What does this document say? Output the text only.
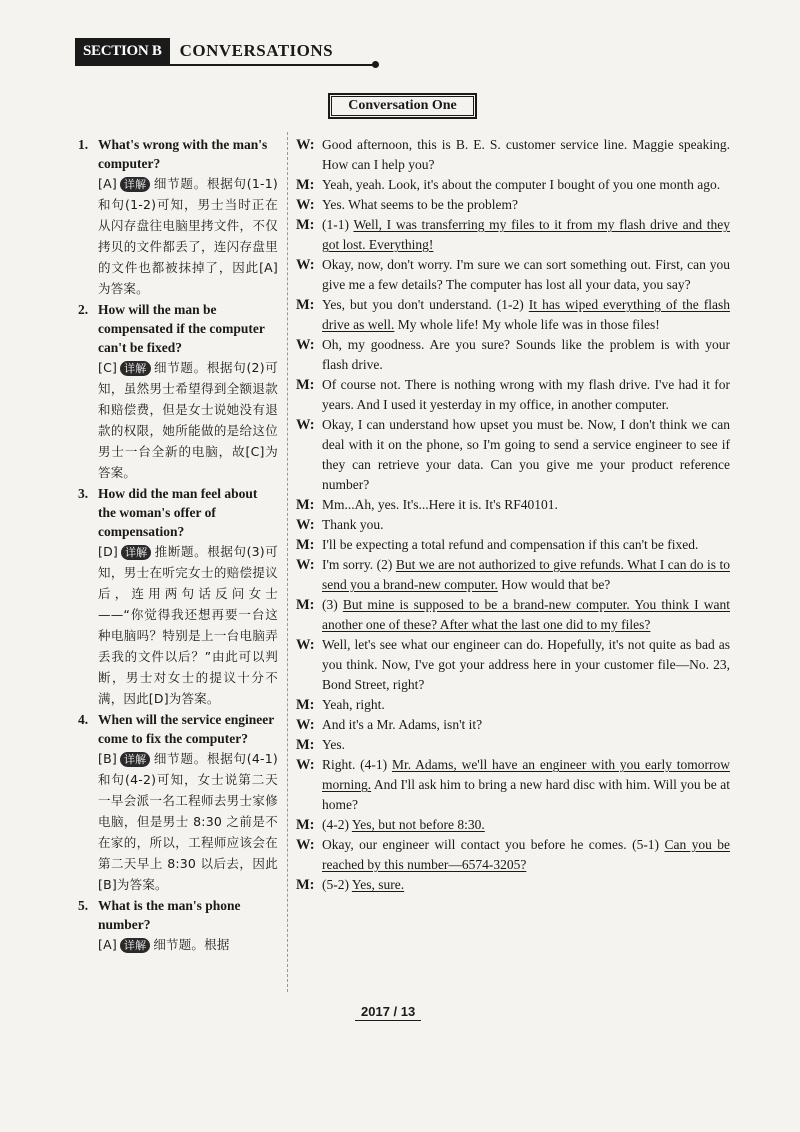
SECTION B	CONVERSATIONS
Conversation One
1. What's wrong with the man's computer?
[A] 详解 细节题。根据句(1-1)和句(1-2)可知，男士当时正在从闪存盘往电脑里拷文件，不仅拷贝的文件都丢了，连闪存盘里的文件也都被抹掉了，因此[A]为答案。
2. How will the man be compensated if the computer can't be fixed?
[C] 详解 细节题。根据句(2)可知，虽然男士希望得到全额退款和赔偿费，但是女士说她没有退款的权限，她所能做的是给这位男士一台全新的电脑，故[C]为答案。
3. How did the man feel about the woman's offer of compensation?
[D] 详解 推断题。根据句(3)可知，男士在听完女士的赔偿提议后，连用两句话反问女士——“你觉得我还想再要一台这种电脑吗？特别是上一台电脑弄丢我的文件以后？”由此可以判断，男士对女士的提议十分不满，因此[D]为答案。
4. When will the service engineer come to fix the computer?
[B] 详解 细节题。根据句(4-1)和句(4-2)可知，女士说第二天一早会派一名工程师去男士家修电脑，但是男士 8:30 之前是不在家的，所以，工程师应该会在第二天早上 8:30 以后去，因此[B]为答案。
5. What is the man's phone number?
[A] 详解 细节题。根据
W: Good afternoon, this is B. E. S. customer service line. Maggie speaking. How can I help you?
M: Yeah, yeah. Look, it's about the computer I bought of you one month ago.
W: Yes. What seems to be the problem?
M: (1-1) Well, I was transferring my files to it from my flash drive and they got lost. Everything!
W: Okay, now, don't worry. I'm sure we can sort something out. First, can you give me a few details? The computer has lost all your data, you say?
M: Yes, but you don't understand. (1-2) It has wiped everything of the flash drive as well. My whole life! My whole life was in those files!
W: Oh, my goodness. Are you sure? Sounds like the problem is with your flash drive.
M: Of course not. There is nothing wrong with my flash drive. I've had it for years. And I used it yesterday in my office, in another computer.
W: Okay, I can understand how upset you must be. Now, I don't think we can deal with it on the phone, so I'm going to send a service engineer to see if they can retrieve your data. Can you give me your product reference number?
M: Mm...Ah, yes. It's...Here it is. It's RF40101.
W: Thank you.
M: I'll be expecting a total refund and compensation if this can't be fixed.
W: I'm sorry. (2) But we are not authorized to give refunds. What I can do is to send you a brand-new computer. How would that be?
M: (3) But mine is supposed to be a brand-new computer. You think I want another one of these? After what the last one did to my files?
W: Well, let's see what our engineer can do. Hopefully, it's not quite as bad as you think. Now, I've got your address here in your customer file—No. 23, Bond Street, right?
M: Yeah, right.
W: And it's a Mr. Adams, isn't it?
M: Yes.
W: Right. (4-1) Mr. Adams, we'll have an engineer with you early tomorrow morning. And I'll ask him to bring a new hard disc with him. Will you be at home?
M: (4-2) Yes, but not before 8:30.
W: Okay, our engineer will contact you before he comes. (5-1) Can you be reached by this number—6574-3205?
M: (5-2) Yes, sure.
2017 / 13
